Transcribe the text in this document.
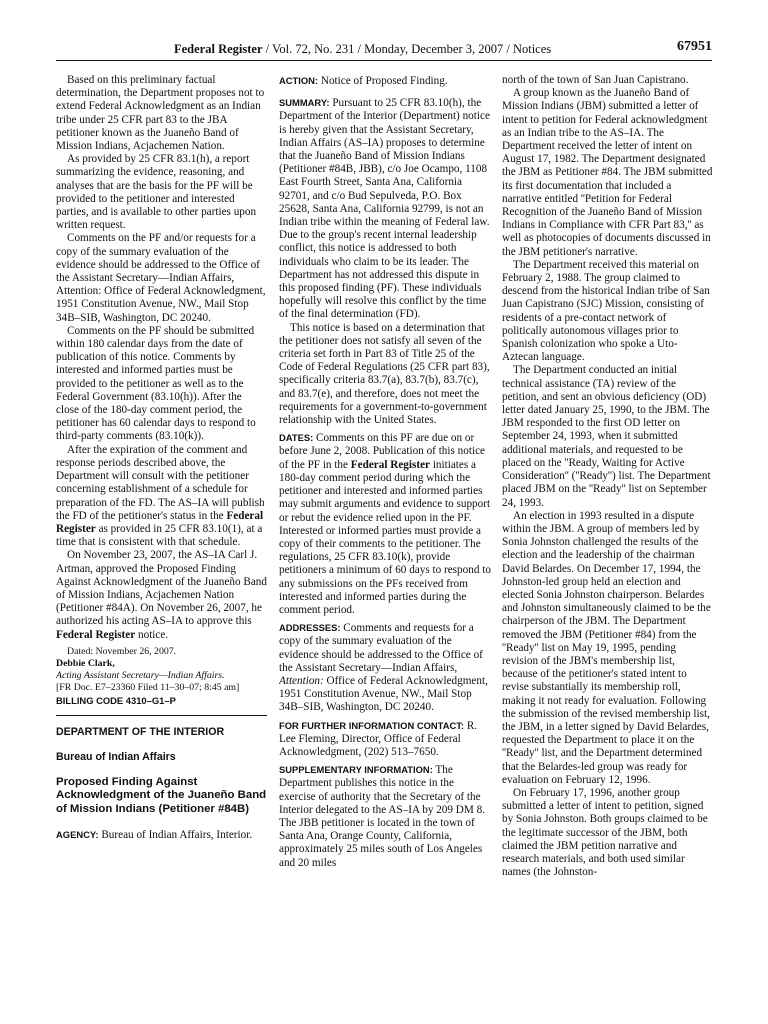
Federal Register / Vol. 72, No. 231 / Monday, December 3, 2007 / Notices	67951

Based on this preliminary factual determination, the Department proposes not to extend Federal Acknowledgment as an Indian tribe under 25 CFR part 83 to the JBA petitioner known as the Juaneño Band of Mission Indians, Acjachemen Nation.

As provided by 25 CFR 83.1(h), a report summarizing the evidence, reasoning, and analyses that are the basis for the PF will be provided to the petitioner and interested parties, and is available to other parties upon written request.

Comments on the PF and/or requests for a copy of the summary evaluation of the evidence should be addressed to the Office of the Assistant Secretary—Indian Affairs, Attention: Office of Federal Acknowledgment, 1951 Constitution Avenue, NW., Mail Stop 34B–SIB, Washington, DC 20240.

Comments on the PF should be submitted within 180 calendar days from the date of publication of this notice. Comments by interested and informed parties must be provided to the petitioner as well as to the Federal Government (83.10(h)). After the close of the 180-day comment period, the petitioner has 60 calendar days to respond to third-party comments (83.10(k)).

After the expiration of the comment and response periods described above, the Department will consult with the petitioner concerning establishment of a schedule for preparation of the FD. The AS–IA will publish the FD of the petitioner's status in the Federal Register as provided in 25 CFR 83.10(1), at a time that is consistent with that schedule.

On November 23, 2007, the AS–IA Carl J. Artman, approved the Proposed Finding Against Acknowledgment of the Juaneño Band of Mission Indians, Acjachemen Nation (Petitioner #84A). On November 26, 2007, he authorized his acting AS–IA to approve this Federal Register notice.

Dated: November 26, 2007.

Debbie Clark,

Acting Assistant Secretary—Indian Affairs.

[FR Doc. E7–23360 Filed 11–30–07; 8:45 am]

BILLING CODE 4310–G1–P

DEPARTMENT OF THE INTERIOR

Bureau of Indian Affairs

Proposed Finding Against Acknowledgment of the Juaneño Band of Mission Indians (Petitioner #84B)

AGENCY: Bureau of Indian Affairs, Interior.

ACTION: Notice of Proposed Finding.

SUMMARY: Pursuant to 25 CFR 83.10(h), the Department of the Interior (Department) notice is hereby given that the Assistant Secretary, Indian Affairs (AS–IA) proposes to determine that the Juaneño Band of Mission Indians (Petitioner #84B, JBB), c/o Joe Ocampo, 1108 East Fourth Street, Santa Ana, California 92701, and c/o Bud Sepulveda, P.O. Box 25628, Santa Ana, California 92799, is not an Indian tribe within the meaning of Federal law. Due to the group's recent internal leadership conflict, this notice is addressed to both individuals who claim to be its leader. The Department has not addressed this dispute in this proposed finding (PF). These individuals hopefully will resolve this conflict by the time of the final determination (FD).

This notice is based on a determination that the petitioner does not satisfy all seven of the criteria set forth in Part 83 of Title 25 of the Code of Federal Regulations (25 CFR part 83), specifically criteria 83.7(a), 83.7(b), 83.7(c), and 83.7(e), and therefore, does not meet the requirements for a government-to-government relationship with the United States.

DATES: Comments on this PF are due on or before June 2, 2008. Publication of this notice of the PF in the Federal Register initiates a 180-day comment period during which the petitioner and interested and informed parties may submit arguments and evidence to support or rebut the evidence relied upon in the PF. Interested or informed parties must provide a copy of their comments to the petitioner. The regulations, 25 CFR 83.10(k), provide petitioners a minimum of 60 days to respond to any submissions on the PFs received from interested and informed parties during the comment period.

ADDRESSES: Comments and requests for a copy of the summary evaluation of the evidence should be addressed to the Office of the Assistant Secretary—Indian Affairs, Attention: Office of Federal Acknowledgment, 1951 Constitution Avenue, NW., Mail Stop 34B–SIB, Washington, DC 20240.

FOR FURTHER INFORMATION CONTACT: R. Lee Fleming, Director, Office of Federal Acknowledgment, (202) 513–7650.

SUPPLEMENTARY INFORMATION: The Department publishes this notice in the exercise of authority that the Secretary of the Interior delegated to the AS–IA by 209 DM 8. The JBB petitioner is located in the town of Santa Ana, Orange County, California, approximately 25 miles south of Los Angeles and 20 miles

north of the town of San Juan Capistrano.

A group known as the Juaneño Band of Mission Indians (JBM) submitted a letter of intent to petition for Federal acknowledgment as an Indian tribe to the AS–IA. The Department received the letter of intent on August 17, 1982. The Department designated the JBM as Petitioner #84. The JBM submitted its first documentation that included a narrative entitled ''Petition for Federal Recognition of the Juaneño Band of Mission Indians in Compliance with CFR Part 83,'' as well as photocopies of documents discussed in the JBM petitioner's narrative.

The Department received this material on February 2, 1988. The group claimed to descend from the historical Indian tribe of San Juan Capistrano (SJC) Mission, consisting of residents of a pre-contact network of politically autonomous villages prior to Spanish colonization who spoke a Uto-Aztecan language.

The Department conducted an initial technical assistance (TA) review of the petition, and sent an obvious deficiency (OD) letter dated January 25, 1990, to the JBM. The JBM responded to the first OD letter on September 24, 1993, when it submitted additional materials, and requested to be placed on the ''Ready, Waiting for Active Consideration'' (''Ready'') list. The Department placed JBM on the ''Ready'' list on September 24, 1993.

An election in 1993 resulted in a dispute within the JBM. A group of members led by Sonia Johnston challenged the results of the election and the leadership of the chairman David Belardes. On December 17, 1994, the Johnston-led group held an election and elected Sonia Johnston chairperson. Belardes and Johnston simultaneously claimed to be the chairperson of the JBM. The Department removed the JBM (Petitioner #84) from the ''Ready'' list on May 19, 1995, pending revision of the JBM's membership list, because of the petitioner's stated intent to revise substantially its membership roll, making it not ready for evaluation. Following the submission of the revised membership list, the JBM, in a letter signed by David Belardes, requested the Department to place it on the ''Ready'' list, and the Department determined that the Belardes-led group was ready for evaluation on February 12, 1996.

On February 17, 1996, another group submitted a letter of intent to petition, signed by Sonia Johnston. Both groups claimed to be the legitimate successor of the JBM, both claimed the JBM petition narrative and research materials, and both used similar names (the Johnston-
